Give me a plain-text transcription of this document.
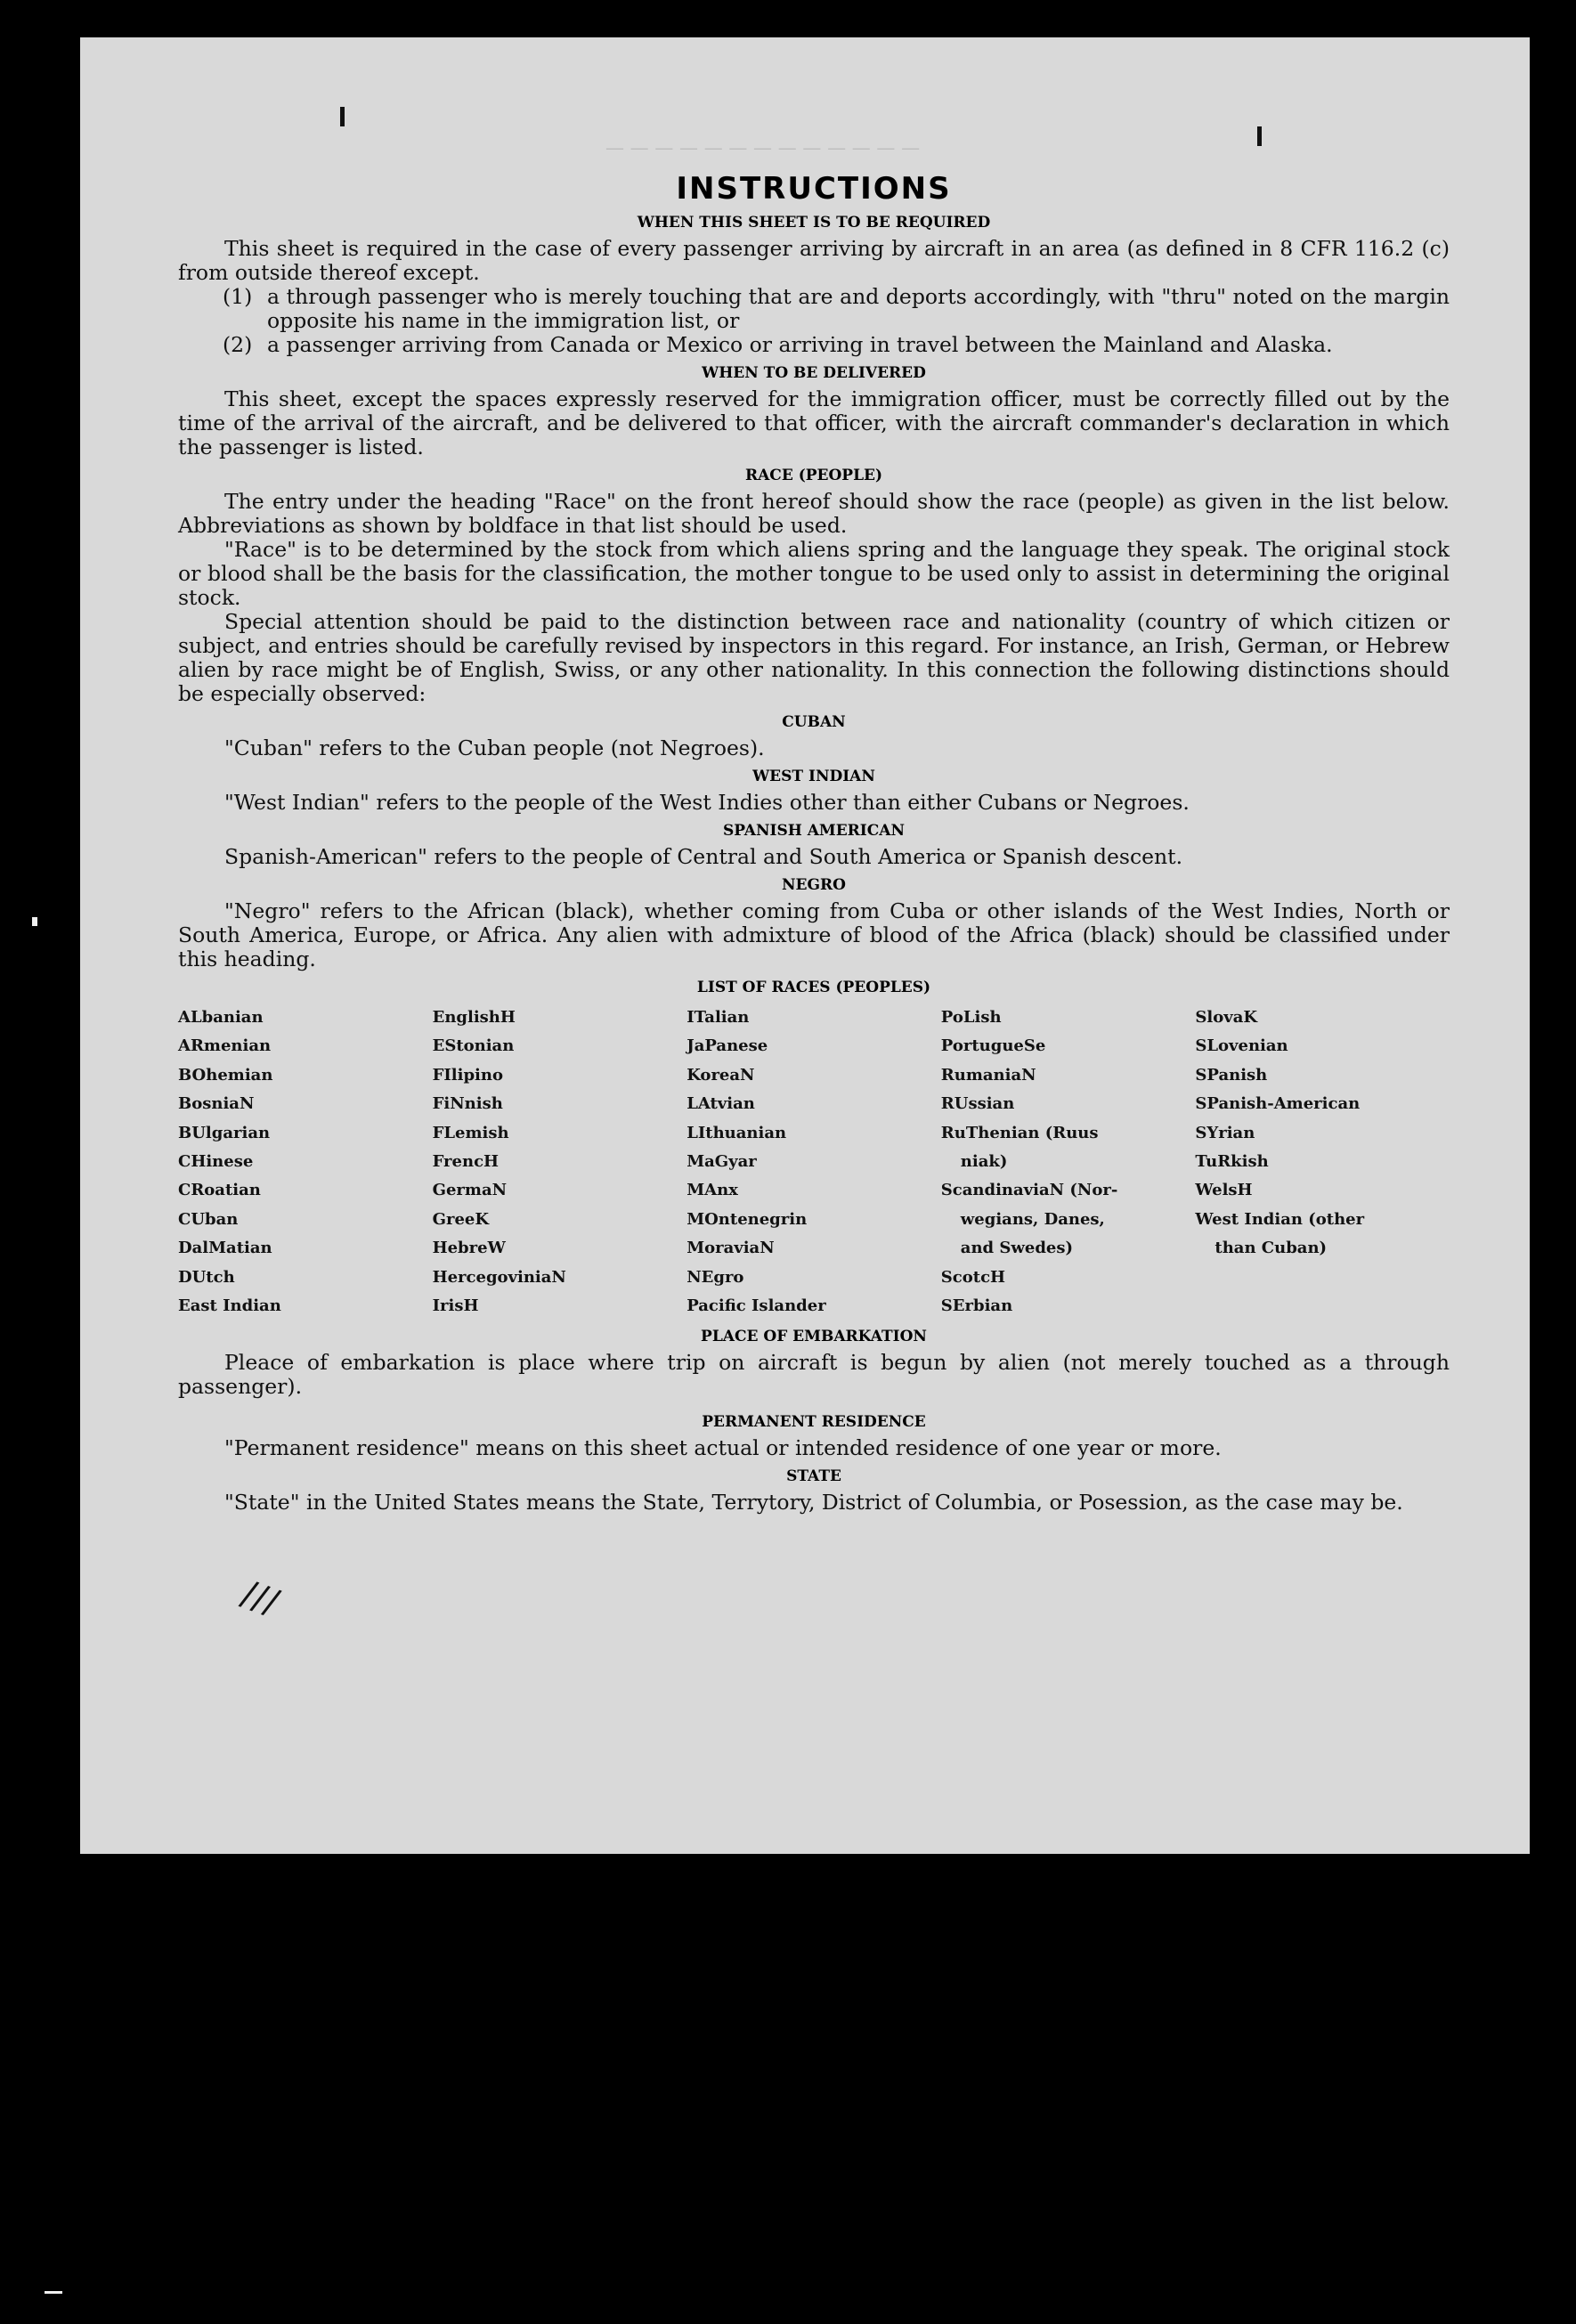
— — — — — — — — — — — — —
INSTRUCTIONS
WHEN THIS SHEET IS TO BE REQUIRED

This sheet is required in the case of every passenger arriving by aircraft in an area (as defined in 8 CFR 116.2 (c) from outside thereof except.

(1) a through passenger who is merely touching that are and deports accordingly, with "thru" noted on the margin opposite his name in the immigration list, or
(2) a passenger arriving from Canada or Mexico or arriving in travel between the Mainland and Alaska.
WHEN TO BE DELIVERED

This sheet, except the spaces expressly reserved for the immigration officer, must be correctly filled out by the time of the arrival of the aircraft, and be delivered to that officer, with the aircraft commander's declaration in which the passenger is listed.

RACE (PEOPLE)

The entry under the heading "Race" on the front hereof should show the race (people) as given in the list below. Abbreviations as shown by boldface in that list should be used.

"Race" is to be determined by the stock from which aliens spring and the language they speak. The original stock or blood shall be the basis for the classification, the mother tongue to be used only to assist in determining the original stock.

Special attention should be paid to the distinction between race and nationality (country of which citizen or subject, and entries should be carefully revised by inspectors in this regard. For instance, an Irish, German, or Hebrew alien by race might be of English, Swiss, or any other nationality. In this connection the following distinctions should be especially observed:

CUBAN

"Cuban" refers to the Cuban people (not Negroes).

WEST INDIAN

"West Indian" refers to the people of the West Indies other than either Cubans or Negroes.

SPANISH AMERICAN

Spanish-American" refers to the people of Central and South America or Spanish descent.

NEGRO

"Negro" refers to the African (black), whether coming from Cuba or other islands of the West Indies, North or South America, Europe, or Africa. Any alien with admixture of blood of the Africa (black) should be classified under this heading.

LIST OF RACES (PEOPLES)
ALbanian
ARmenian
BOhemian
BosniaN
BUlgarian
CHinese
CRoatian
CUban
DalMatian
DUtch
East Indian
EnglishH
EStonian
FIlipino
FiNnish
FLemish
FrencH
GermaN
GreeK
HebreW
HercegoviniaN
IrisH
ITalian
JaPanese
KoreaN
LAtvian
LIthuanian
MaGyar
MAnx
MOntenegrin
MoraviaN
NEgro
Pacific Islander
PoLish
PortugueSe
RumaniaN
RUssian
RuThenian (Ruus
niak)
ScandinaviaN (Nor-
wegians, Danes,
and Swedes)
ScotcH
SErbian
SlovaK
SLovenian
SPanish
SPanish-American
SYrian
TuRkish
WelsH
West Indian (other
than Cuban)
PLACE OF EMBARKATION

Pleace of embarkation is place where trip on aircraft is begun by alien (not merely touched as a through passenger).

PERMANENT RESIDENCE

"Permanent residence" means on this sheet actual or intended residence of one year or more.

STATE

"State" in the United States means the State, Terrytory, District of Columbia, or Posession, as the case may be.

///
